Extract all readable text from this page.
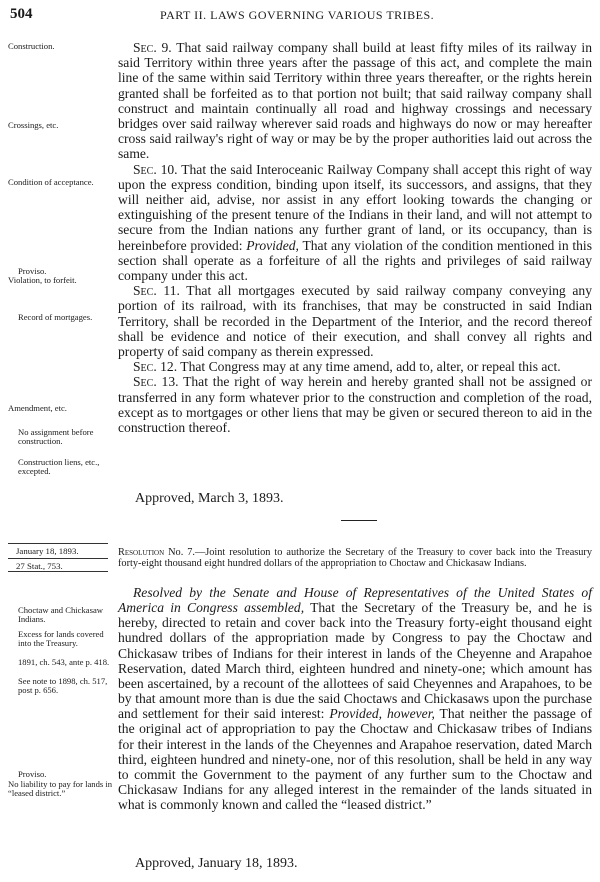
504	PART II. LAWS GOVERNING VARIOUS TRIBES.
Construction.
Crossings, etc.
Condition of acceptance.
Proviso.
Violation, to forfeit.
Record of mortgages.
Amendment, etc.
No assignment before construction.
Construction liens, etc., excepted.

Sec. 9. That said railway company shall build at least fifty miles of its railway in said Territory within three years after the passage of this act, and complete the main line of the same within said Territory within three years thereafter, or the rights herein granted shall be forfeited as to that portion not built; that said railway company shall construct and maintain continually all road and highway crossings and necessary bridges over said railway wherever said roads and highways do now or may hereafter cross said railway's right of way or may be by the proper authorities laid out across the same.

Sec. 10. That the said Interoceanic Railway Company shall accept this right of way upon the express condition, binding upon itself, its successors, and assigns, that they will neither aid, advise, nor assist in any effort looking towards the changing or extinguishing of the present tenure of the Indians in their land, and will not attempt to secure from the Indian nations any further grant of land, or its occupancy, than is hereinbefore provided: Provided, That any violation of the condition mentioned in this section shall operate as a forfeiture of all the rights and privileges of said railway company under this act.

Sec. 11. That all mortgages executed by said railway company conveying any portion of its railroad, with its franchises, that may be constructed in said Indian Territory, shall be recorded in the Department of the Interior, and the record thereof shall be evidence and notice of their execution, and shall convey all rights and property of said company as therein expressed.

Sec. 12. That Congress may at any time amend, add to, alter, or repeal this act.

Sec. 13. That the right of way herein and hereby granted shall not be assigned or transferred in any form whatever prior to the construction and completion of the road, except as to mortgages or other liens that may be given or secured thereon to aid in the construction thereof.

Approved, March 3, 1893.
January 18, 1893.
27 Stat., 753.
Resolution No. 7.—Joint resolution to authorize the Secretary of the Treasury to cover back into the Treasury forty-eight thousand eight hundred dollars of the appropriation to Choctaw and Chickasaw Indians.
Choctaw and Chickasaw Indians.
Excess for lands covered into the Treasury.
1891, ch. 543, ante p. 418.
See note to 1898, ch. 517, post p. 656.
Proviso.
No liability to pay for lands in “leased district.”

Resolved by the Senate and House of Representatives of the United States of America in Congress assembled, That the Secretary of the Treasury be, and he is hereby, directed to retain and cover back into the Treasury forty-eight thousand eight hundred dollars of the appropriation made by Congress to pay the Choctaw and Chickasaw tribes of Indians for their interest in lands of the Cheyenne and Arapahoe Reservation, dated March third, eighteen hundred and ninety-one; which amount has been ascertained, by a recount of the allottees of said Cheyennes and Arapahoes, to be by that amount more than is due the said Choctaws and Chickasaws upon the purchase and settlement for their said interest: Provided, however, That neither the passage of the original act of appropriation to pay the Choctaw and Chickasaw tribes of Indians for their interest in the lands of the Cheyennes and Arapahoe reservation, dated March third, eighteen hundred and ninety-one, nor of this resolution, shall be held in any way to commit the Government to the payment of any further sum to the Choctaw and Chickasaw Indians for any alleged interest in the remainder of the lands situated in what is commonly known and called the “leased district.”

Approved, January 18, 1893.
